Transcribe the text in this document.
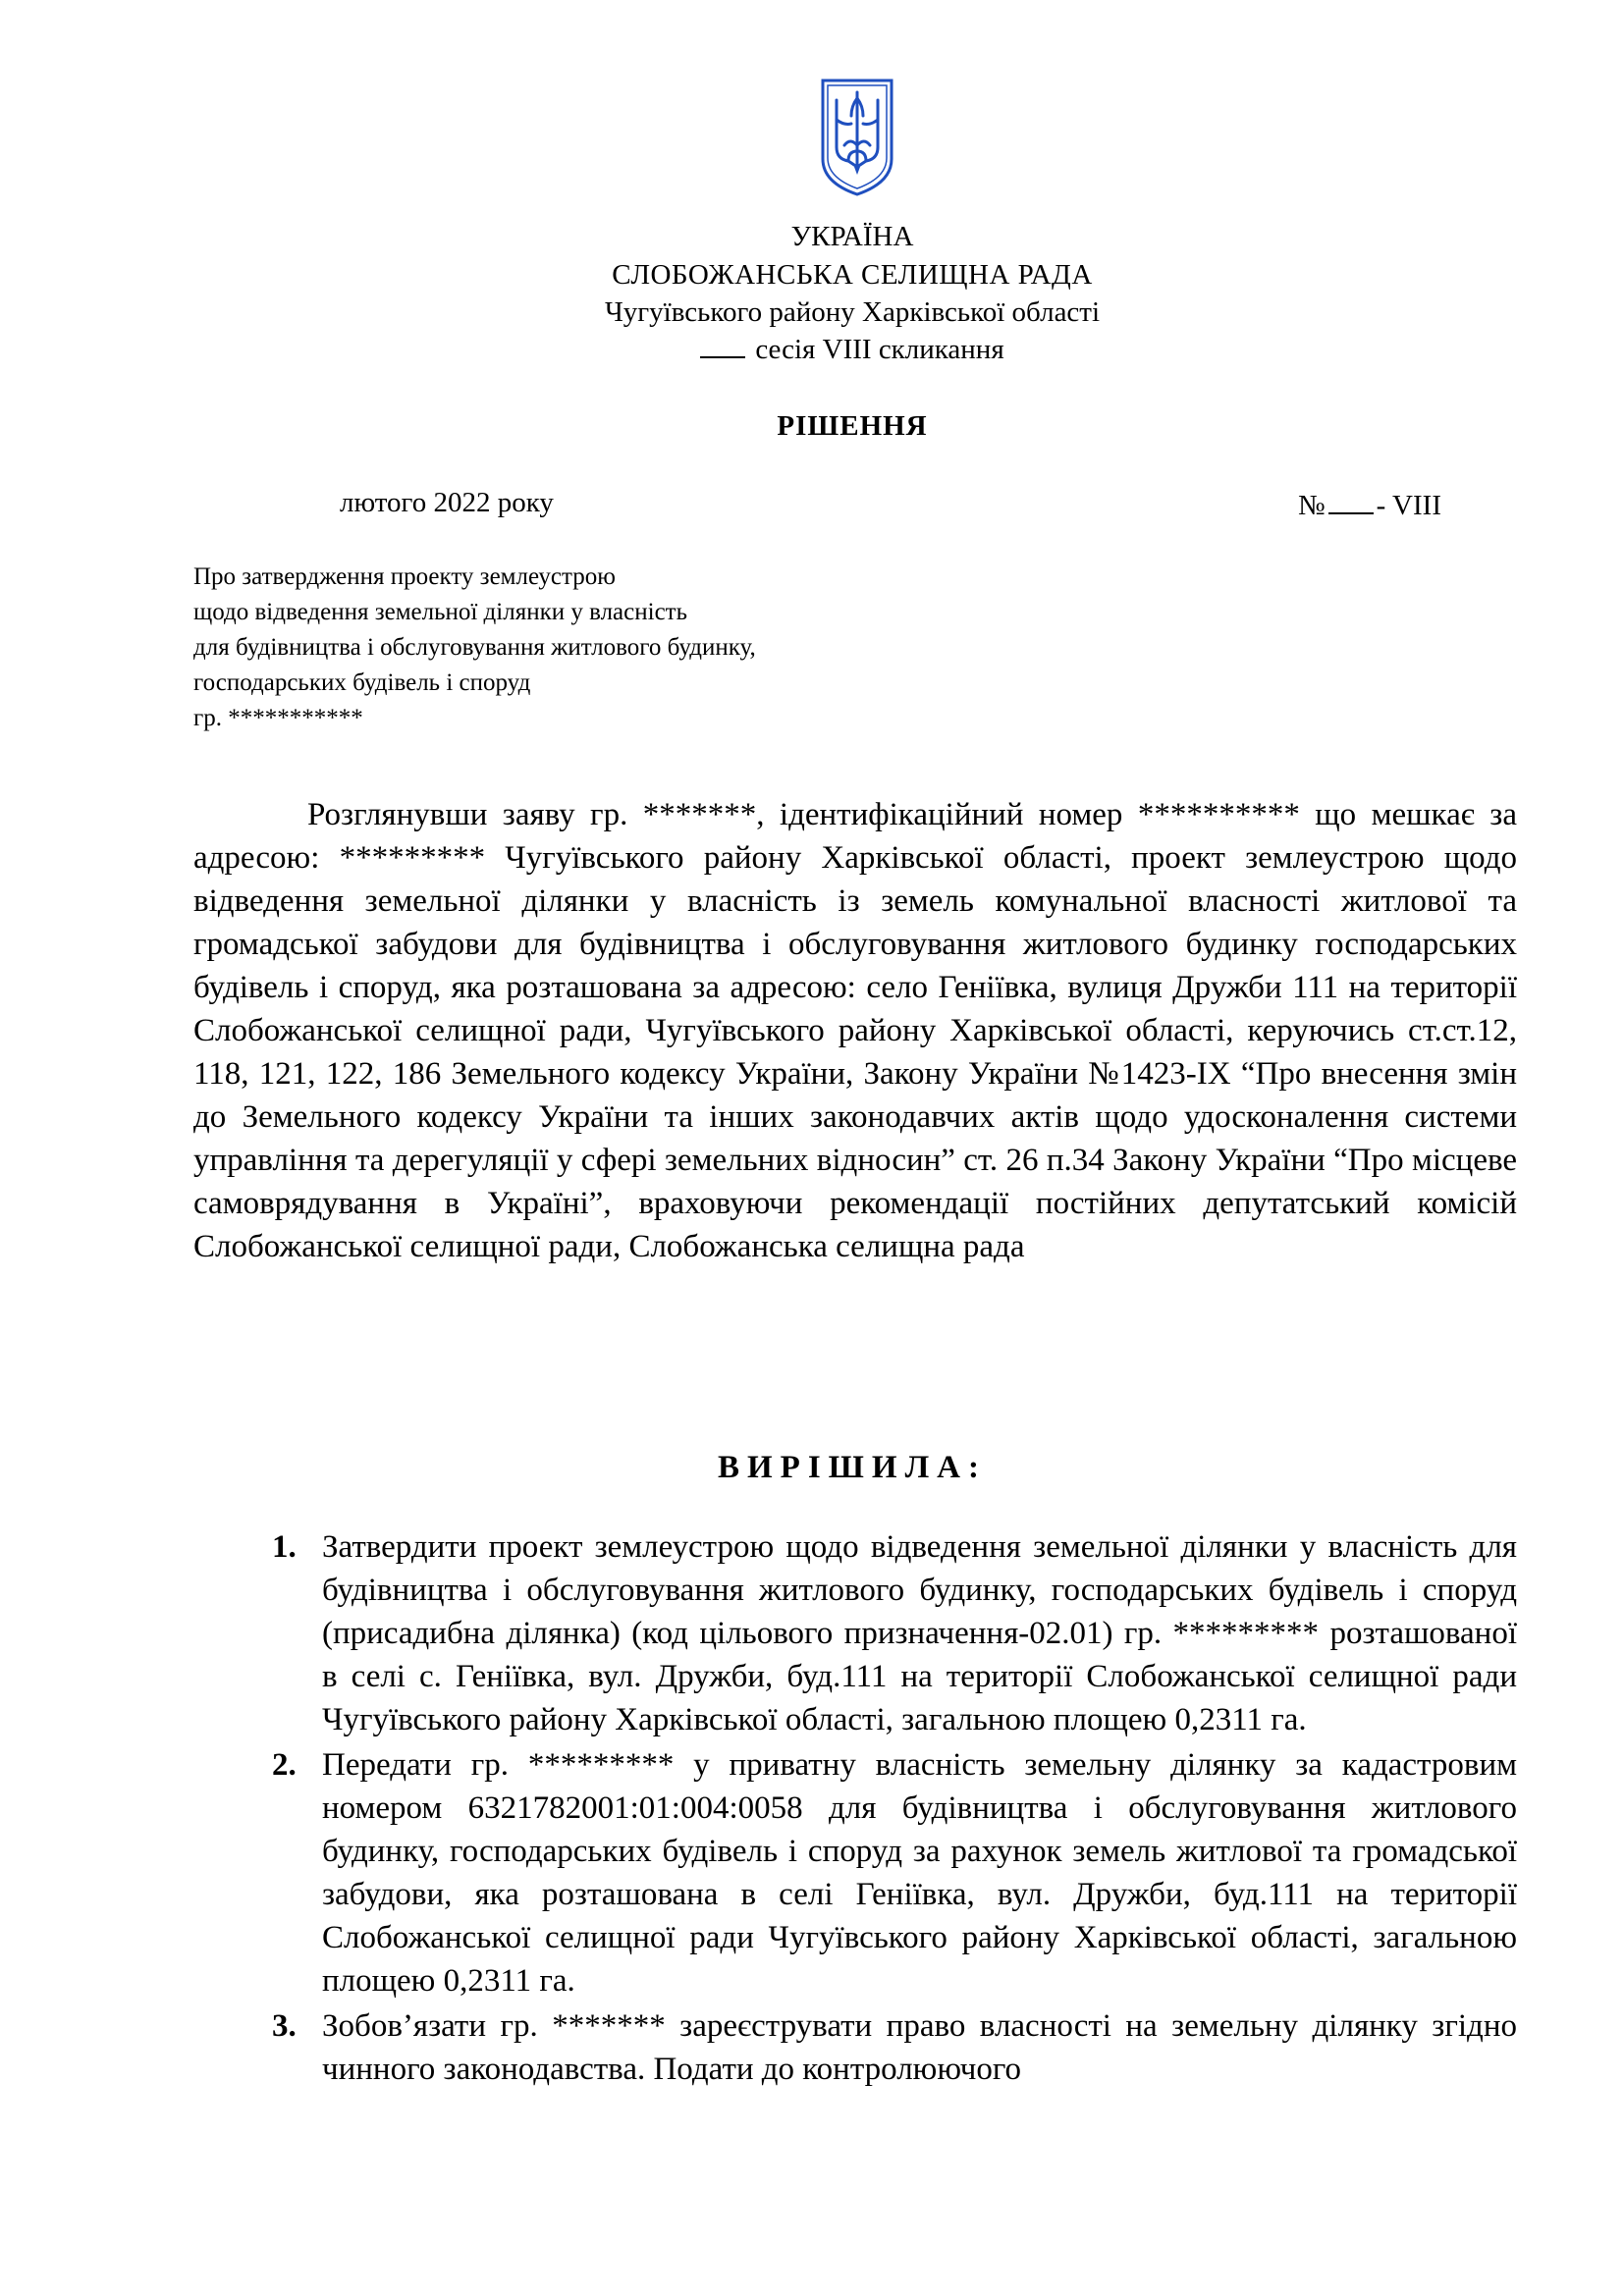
УКРАЇНА
СЛОБОЖАНСЬКА СЕЛИЩНА РАДА
Чугуївського району Харківської області
сесія VIII скликання
РІШЕННЯ
лютого 2022 року	№ - VIII
Про затвердження проекту землеустрою
щодо відведення земельної ділянки у власність
для будівництва і обслуговування житлового будинку,
господарських будівель і споруд
гр. ***********
Розглянувши заяву гр. *******, ідентифікаційний номер ********** що мешкає за адресою: ********* Чугуївського району Харківської області, проект землеустрою щодо відведення земельної ділянки у власність із земель комунальної власності житлової та громадської забудови для будівництва і обслуговування житлового будинку господарських будівель і споруд, яка розташована за адресою: село Геніївка, вулиця Дружби 111 на території Слобожанської селищної ради, Чугуївського району Харківської області, керуючись ст.ст.12, 118, 121, 122, 186 Земельного кодексу України, Закону України №1423-IX “Про внесення змін до Земельного кодексу України та інших законодавчих актів щодо удосконалення системи управління та дерегуляції у сфері земельних відносин” ст. 26 п.34 Закону України “Про місцеве самоврядування в Україні”, враховуючи рекомендації постійних депутатський комісій Слобожанської селищної ради, Слобожанська селищна рада
ВИРІШИЛА:
1. Затвердити проект землеустрою щодо відведення земельної ділянки у власність для будівництва і обслуговування житлового будинку, господарських будівель і споруд (присадибна ділянка) (код цільового призначення-02.01) гр. ********* розташованої в селі с. Геніївка, вул. Дружби, буд.111 на території Слобожанської селищної ради Чугуївського району Харківської області, загальною площею 0,2311 га.
2. Передати гр. ********* у приватну власність земельну ділянку за кадастровим номером 6321782001:01:004:0058 для будівництва і обслуговування житлового будинку, господарських будівель і споруд за рахунок земель житлової та громадської забудови, яка розташована в селі Геніївка, вул. Дружби, буд.111 на території Слобожанської селищної ради Чугуївського району Харківської області, загальною площею 0,2311 га.
3. Зобов’язати гр. ******* зареєструвати право власності на земельну ділянку згідно чинного законодавства. Подати до контролюючого
